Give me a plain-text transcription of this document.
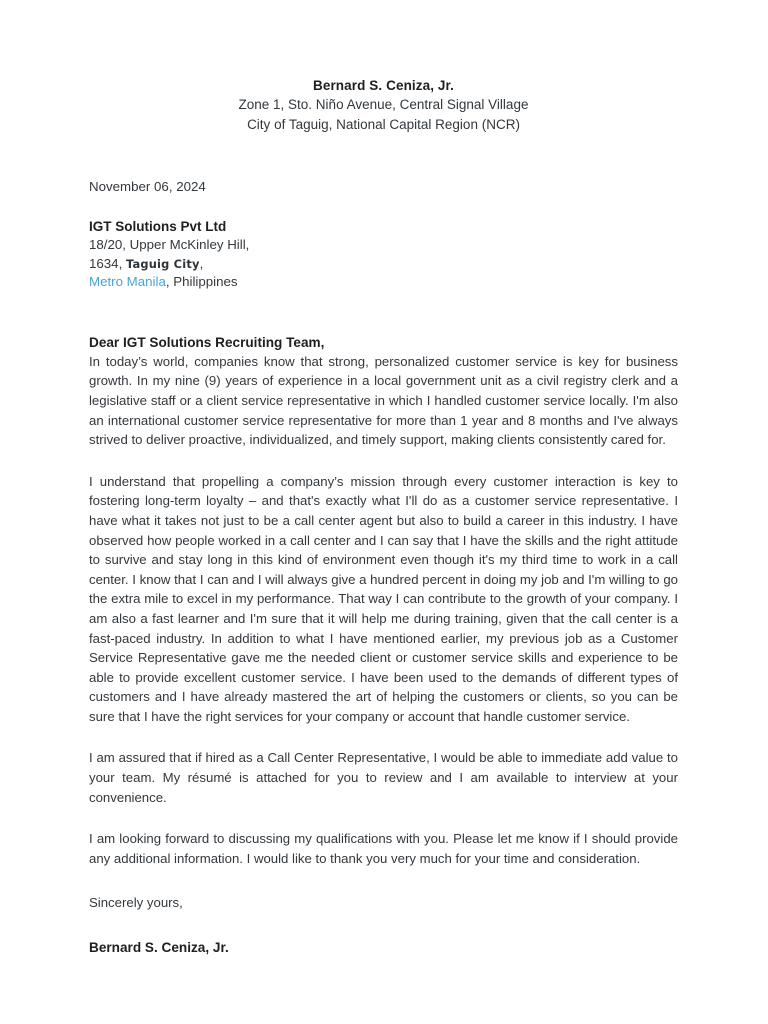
Bernard S. Ceniza, Jr.
Zone 1, Sto. Niño Avenue, Central Signal Village
City of Taguig, National Capital Region (NCR)
November 06, 2024
IGT Solutions Pvt Ltd
18/20, Upper McKinley Hill,
1634, Taguig City,
Metro Manila, Philippines
Dear IGT Solutions Recruiting Team,

In today’s world, companies know that strong, personalized customer service is key for business growth. In my nine (9) years of experience in a local government unit as a civil registry clerk and a legislative staff or a client service representative in which I handled customer service locally. I'm also an international customer service representative for more than 1 year and 8 months and I've always strived to deliver proactive, individualized, and timely support, making clients consistently cared for.

I understand that propelling a company’s mission through every customer interaction is key to fostering long-term loyalty – and that's exactly what I'll do as a customer service representative. I have what it takes not just to be a call center agent but also to build a career in this industry. I have observed how people worked in a call center and I can say that I have the skills and the right attitude to survive and stay long in this kind of environment even though it's my third time to work in a call center. I know that I can and I will always give a hundred percent in doing my job and I'm willing to go the extra mile to excel in my performance. That way I can contribute to the growth of your company. I am also a fast learner and I'm sure that it will help me during training, given that the call center is a fast-paced industry. In addition to what I have mentioned earlier, my previous job as a Customer Service Representative gave me the needed client or customer service skills and experience to be able to provide excellent customer service. I have been used to the demands of different types of customers and I have already mastered the art of helping the customers or clients, so you can be sure that I have the right services for your company or account that handle customer service.

I am assured that if hired as a Call Center Representative, I would be able to immediate add value to your team. My résumé is attached for you to review and I am available to interview at your convenience.

I am looking forward to discussing my qualifications with you. Please let me know if I should provide any additional information. I would like to thank you very much for your time and consideration.

Sincerely yours,
Bernard S. Ceniza, Jr.
